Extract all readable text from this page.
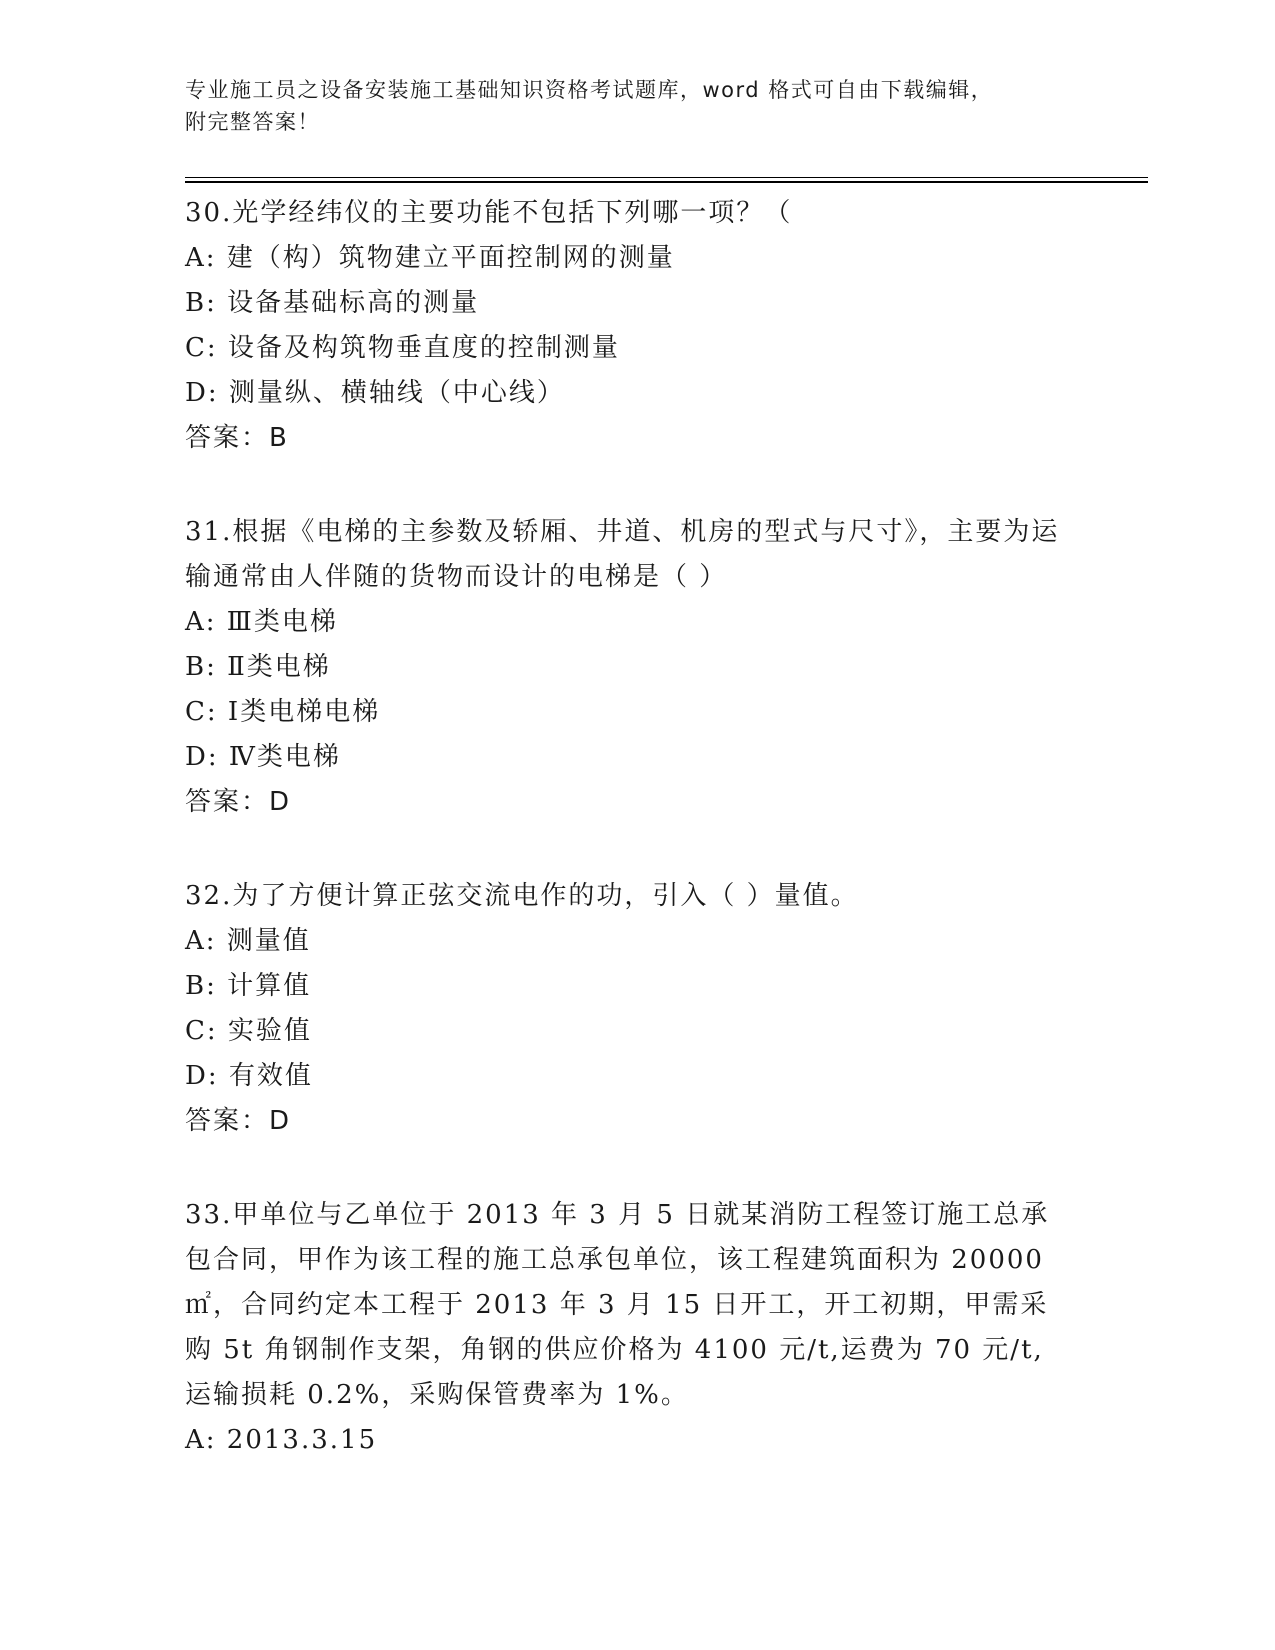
专业施工员之设备安装施工基础知识资格考试题库，word 格式可自由下载编辑，
附完整答案！

30.光学经纬仪的主要功能不包括下列哪一项？（

A: 建（构）筑物建立平面控制网的测量

B: 设备基础标高的测量

C: 设备及构筑物垂直度的控制测量

D: 测量纵、横轴线（中心线）

答案：B

31.根据《电梯的主参数及轿厢、井道、机房的型式与尺寸》，主要为运输通常由人伴随的货物而设计的电梯是（ ）

A: Ⅲ类电梯

B: Ⅱ类电梯

C: Ⅰ类电梯电梯

D: Ⅳ类电梯

答案：D

32.为了方便计算正弦交流电作的功，引入（ ）量值。

A: 测量值

B: 计算值

C: 实验值

D: 有效值

答案：D

33.甲单位与乙单位于 2013 年 3 月 5 日就某消防工程签订施工总承包合同，甲作为该工程的施工总承包单位，该工程建筑面积为 20000㎡，合同约定本工程于 2013 年 3 月 15 日开工，开工初期，甲需采购 5t 角钢制作支架，角钢的供应价格为 4100 元/t,运费为 70 元/t,运输损耗 0.2%，采购保管费率为 1%。

A: 2013.3.15
